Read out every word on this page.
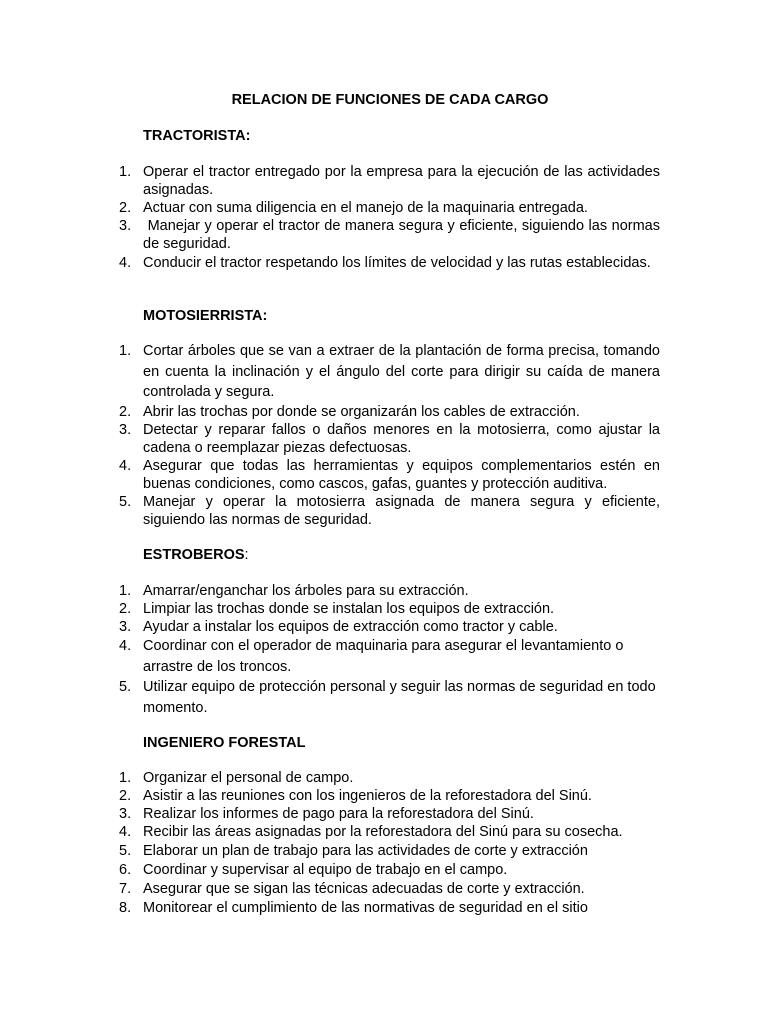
RELACION DE FUNCIONES DE CADA CARGO
TRACTORISTA:
1. Operar el tractor entregado por la empresa para la ejecución de las actividades asignadas.
2. Actuar con suma diligencia en el manejo de la maquinaria entregada.
3. Manejar y operar el tractor de manera segura y eficiente, siguiendo las normas de seguridad.
4. Conducir el tractor respetando los límites de velocidad y las rutas establecidas.
MOTOSIERRISTA:
1. Cortar árboles que se van a extraer de la plantación de forma precisa, tomando en cuenta la inclinación y el ángulo del corte para dirigir su caída de manera controlada y segura.
2. Abrir las trochas por donde se organizarán los cables de extracción.
3. Detectar y reparar fallos o daños menores en la motosierra, como ajustar la cadena o reemplazar piezas defectuosas.
4. Asegurar que todas las herramientas y equipos complementarios estén en buenas condiciones, como cascos, gafas, guantes y protección auditiva.
5. Manejar y operar la motosierra asignada de manera segura y eficiente, siguiendo las normas de seguridad.
ESTROBEROS:
1. Amarrar/enganchar los árboles para su extracción.
2. Limpiar las trochas donde se instalan los equipos de extracción.
3. Ayudar a instalar los equipos de extracción como tractor y cable.
4. Coordinar con el operador de maquinaria para asegurar el levantamiento o arrastre de los troncos.
5. Utilizar equipo de protección personal y seguir las normas de seguridad en todo momento.
INGENIERO FORESTAL
1. Organizar el personal de campo.
2. Asistir a las reuniones con los ingenieros de la reforestadora del Sinú.
3. Realizar los informes de pago para la reforestadora del Sinú.
4. Recibir las áreas asignadas por la reforestadora del Sinú para su cosecha.
5. Elaborar un plan de trabajo para las actividades de corte y extracción
6. Coordinar y supervisar al equipo de trabajo en el campo.
7. Asegurar que se sigan las técnicas adecuadas de corte y extracción.
8. Monitorear el cumplimiento de las normativas de seguridad en el sitio
